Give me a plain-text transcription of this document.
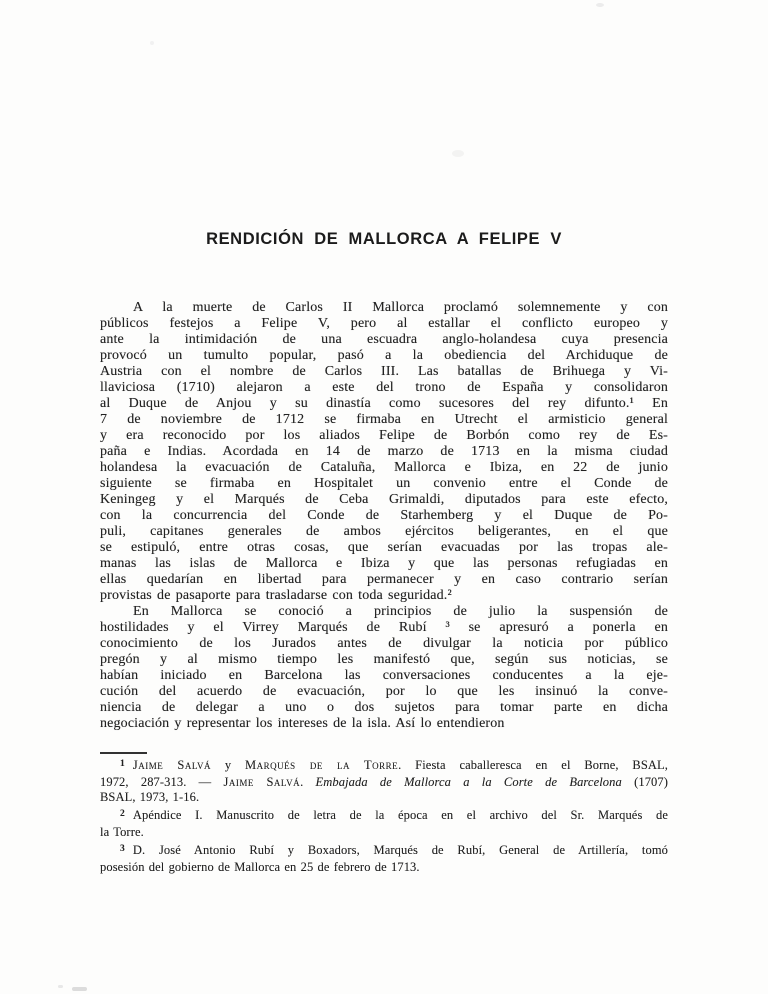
RENDICIÓN DE MALLORCA A FELIPE V
A la muerte de Carlos II Mallorca proclamó solemnemente y con
públicos festejos a Felipe V, pero al estallar el conflicto europeo y
ante la intimidación de una escuadra anglo-holandesa cuya presencia
provocó un tumulto popular, pasó a la obediencia del Archiduque de
Austria con el nombre de Carlos III. Las batallas de Brihuega y Vi-
llaviciosa (1710) alejaron a este del trono de España y consolidaron
al Duque de Anjou y su dinastía como sucesores del rey difunto.¹ En
7 de noviembre de 1712 se firmaba en Utrecht el armisticio general
y era reconocido por los aliados Felipe de Borbón como rey de Es-
paña e Indias. Acordada en 14 de marzo de 1713 en la misma ciudad
holandesa la evacuación de Cataluña, Mallorca e Ibiza, en 22 de junio
siguiente se firmaba en Hospitalet un convenio entre el Conde de
Keningeg y el Marqués de Ceba Grimaldi, diputados para este efecto,
con la concurrencia del Conde de Starhemberg y el Duque de Po-
puli, capitanes generales de ambos ejércitos beligerantes, en el que
se estipuló, entre otras cosas, que serían evacuadas por las tropas ale-
manas las islas de Mallorca e Ibiza y que las personas refugiadas en
ellas quedarían en libertad para permanecer y en caso contrario serían
provistas de pasaporte para trasladarse con toda seguridad.²
En Mallorca se conoció a principios de julio la suspensión de
hostilidades y el Virrey Marqués de Rubí ³ se apresuró a ponerla en
conocimiento de los Jurados antes de divulgar la noticia por público
pregón y al mismo tiempo les manifestó que, según sus noticias, se
habían iniciado en Barcelona las conversaciones conducentes a la eje-
cución del acuerdo de evacuación, por lo que les insinuó la conve-
niencia de delegar a uno o dos sujetos para tomar parte en dicha
negociación y representar los intereses de la isla. Así lo entendieron
$^1$ Jaime Salvá y Marqués de la Torre. Fiesta caballeresca en el Borne, BSAL,
1972, 287-313. — Jaime Salvá. Embajada de Mallorca a la Corte de Barcelona (1707)
BSAL, 1973, 1-16.
$^2$ Apéndice I. Manuscrito de letra de la época en el archivo del Sr. Marqués de
la Torre.
$^3$ D. José Antonio Rubí y Boxadors, Marqués de Rubí, General de Artillería, tomó
posesión del gobierno de Mallorca en 25 de febrero de 1713.
